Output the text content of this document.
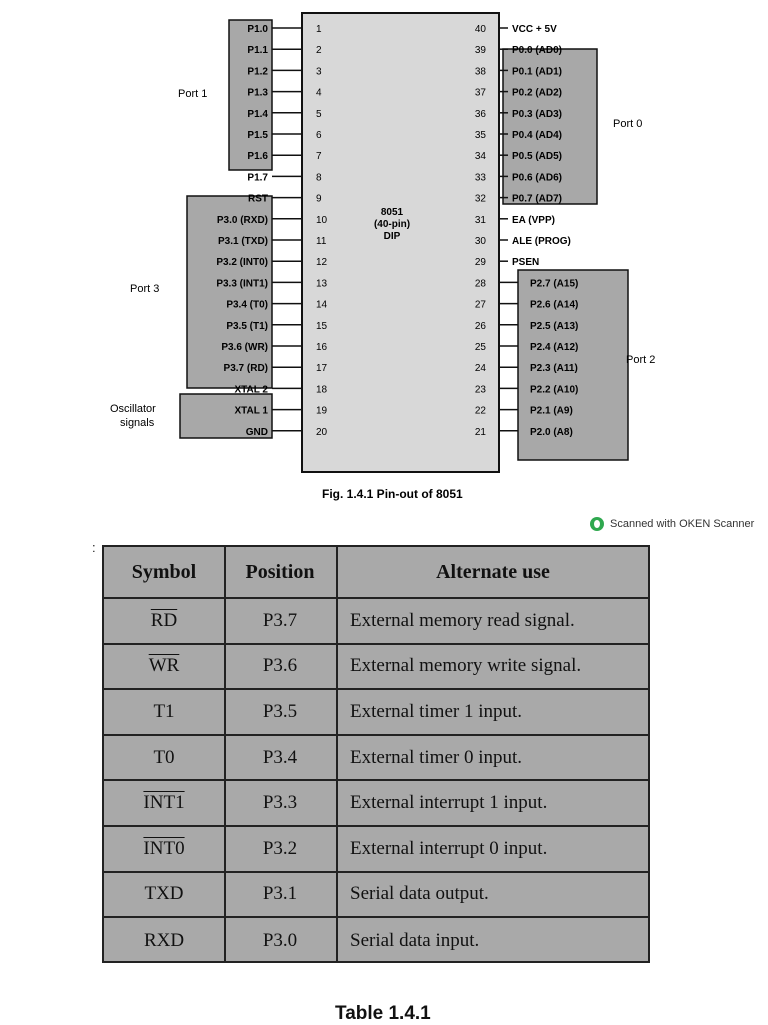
1
P1.0
2
P1.1
3
P1.2
4
P1.3
5
P1.4
6
P1.5
7
P1.6
8
P1.7
9
RST
10
P3.0 (RXD)
11
P3.1 (TXD)
12
P3.2 (INT0)
13
P3.3 (INT1)
14
P3.4 (T0)
15
P3.5 (T1)
16
P3.6 (WR)
17
P3.7 (RD)
18
XTAL 2
19
XTAL 1
20
GND
40	VCC + 5V
39	P0.0 (AD0)
38	P0.1 (AD1)
37	P0.2 (AD2)
36	P0.3 (AD3)
35	P0.4 (AD4)
34	P0.5 (AD5)
33	P0.6 (AD6)
32	P0.7 (AD7)
31	EA (VPP)
30	ALE (PROG)
29	PSEN
28	P2.7 (A15)
27	P2.6 (A14)
26	P2.5 (A13)
25	P2.4 (A12)
24	P2.3 (A11)
23	P2.2 (A10)
22	P2.1 (A9)
21	P2.0 (A8)
8051
(40-pin)
DIP
Port 1
Port 3
Oscillator
signals
Port 0
Port 2
Fig. 1.4.1 Pin-out of 8051
Scanned with OKEN Scanner
:
Symbol	Position	Alternate use
$\overline{RD}$	P3.7	External memory read signal.
$\overline{WR}$	P3.6	External memory write signal.
T1	P3.5	External timer 1 input.
T0	P3.4	External timer 0 input.
INT1	P3.3	External interrupt 1 input.
INT0	P3.2	External interrupt 0 input.
TXD	P3.1	Serial data output.
RXD	P3.0	Serial data input.
Table 1.4.1
